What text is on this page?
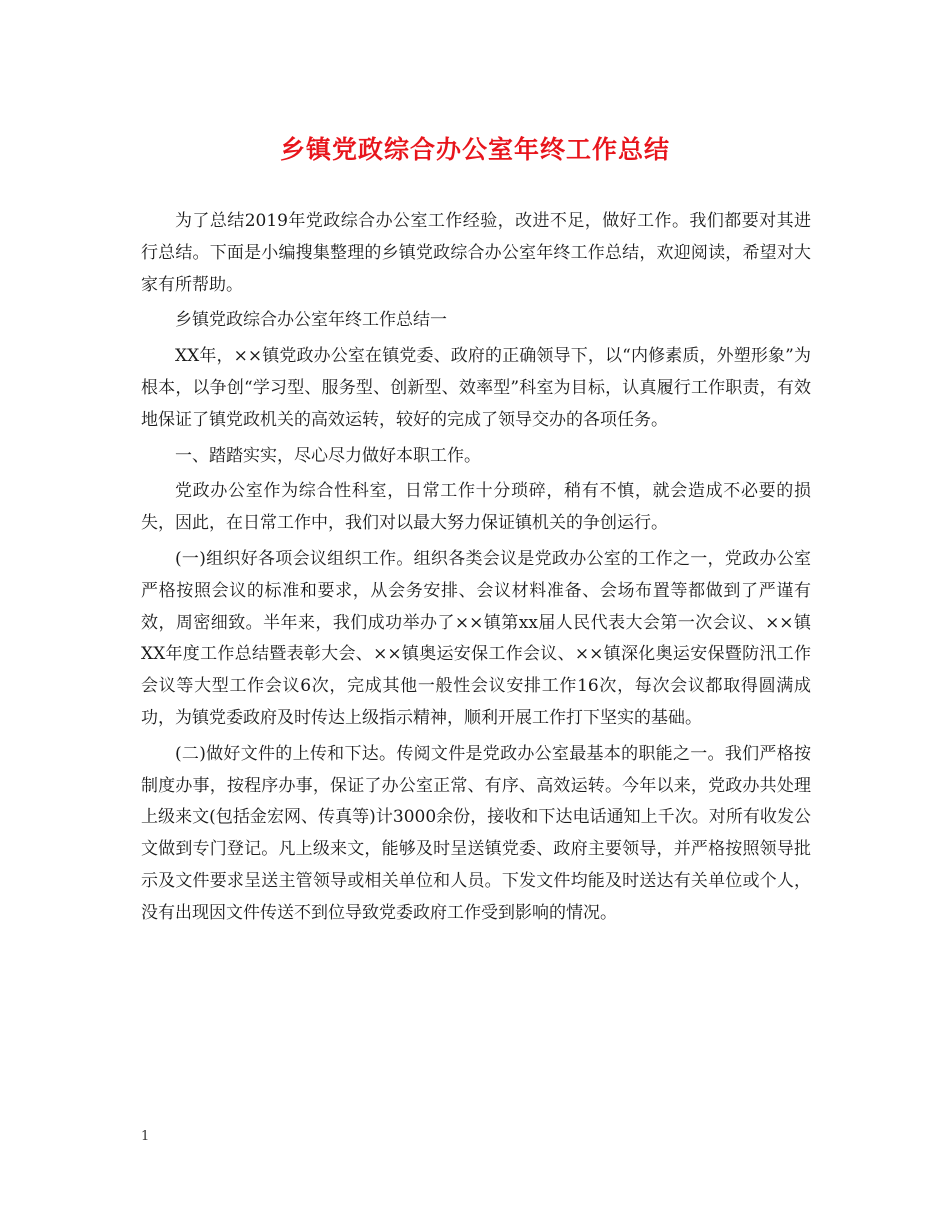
乡镇党政综合办公室年终工作总结

为了总结2019年党政综合办公室工作经验，改进不足，做好工作。我们都要对其进行总结。下面是小编搜集整理的乡镇党政综合办公室年终工作总结，欢迎阅读，希望对大家有所帮助。

乡镇党政综合办公室年终工作总结一

XX年，××镇党政办公室在镇党委、政府的正确领导下，以“内修素质，外塑形象”为根本，以争创“学习型、服务型、创新型、效率型”科室为目标，认真履行工作职责，有效地保证了镇党政机关的高效运转，较好的完成了领导交办的各项任务。

一、踏踏实实，尽心尽力做好本职工作。

党政办公室作为综合性科室，日常工作十分琐碎，稍有不慎，就会造成不必要的损失，因此，在日常工作中，我们对以最大努力保证镇机关的争创运行。

(一)组织好各项会议组织工作。组织各类会议是党政办公室的工作之一，党政办公室严格按照会议的标准和要求，从会务安排、会议材料准备、会场布置等都做到了严谨有效，周密细致。半年来，我们成功举办了××镇第xx届人民代表大会第一次会议、××镇XX年度工作总结暨表彰大会、××镇奥运安保工作会议、××镇深化奥运安保暨防汛工作会议等大型工作会议6次，完成其他一般性会议安排工作16次，每次会议都取得圆满成功，为镇党委政府及时传达上级指示精神，顺利开展工作打下坚实的基础。

(二)做好文件的上传和下达。传阅文件是党政办公室最基本的职能之一。我们严格按制度办事，按程序办事，保证了办公室正常、有序、高效运转。今年以来，党政办共处理上级来文(包括金宏网、传真等)计3000余份，接收和下达电话通知上千次。对所有收发公文做到专门登记。凡上级来文，能够及时呈送镇党委、政府主要领导，并严格按照领导批示及文件要求呈送主管领导或相关单位和人员。下发文件均能及时送达有关单位或个人，没有出现因文件传送不到位导致党委政府工作受到影响的情况。

1
